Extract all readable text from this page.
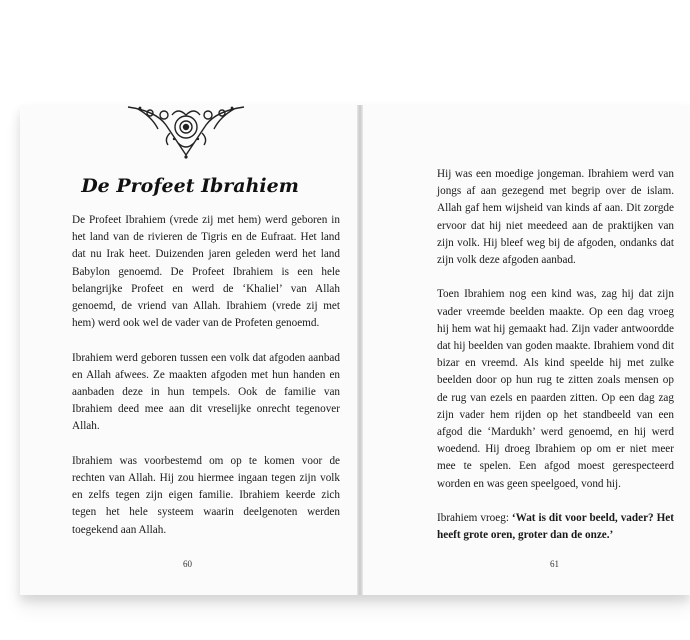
De Profeet Ibrahiem

De Profeet Ibrahiem (vrede zij met hem) werd geboren in het land van de rivieren de Tigris en de Eufraat. Het land dat nu Irak heet. Duizenden jaren geleden werd het land Babylon genoemd. De Profeet Ibrahiem is een hele belangrijke Profeet en werd de ‘Khaliel’ van Allah genoemd, de vriend van Allah. Ibrahiem (vrede zij met hem) werd ook wel de vader van de Profeten genoemd.

Ibrahiem werd geboren tussen een volk dat afgoden aanbad en Allah afwees. Ze maakten afgoden met hun handen en aanbaden deze in hun tempels. Ook de familie van Ibrahiem deed mee aan dit vreselijke onrecht tegenover Allah.

Ibrahiem was voorbestemd om op te komen voor de rechten van Allah. Hij zou hiermee ingaan tegen zijn volk en zelfs tegen zijn eigen familie. Ibrahiem keerde zich tegen het hele systeem waarin deelgenoten werden toegekend aan Allah.

60

Hij was een moedige jongeman. Ibrahiem werd van jongs af aan gezegend met begrip over de islam. Allah gaf hem wijsheid van kinds af aan. Dit zorgde ervoor dat hij niet meedeed aan de praktijken van zijn volk. Hij bleef weg bij de afgoden, ondanks dat zijn volk deze afgoden aanbad.

Toen Ibrahiem nog een kind was, zag hij dat zijn vader vreemde beelden maakte. Op een dag vroeg hij hem wat hij gemaakt had. Zijn vader antwoordde dat hij beelden van goden maakte. Ibrahiem vond dit bizar en vreemd. Als kind speelde hij met zulke beelden door op hun rug te zitten zoals mensen op de rug van ezels en paarden zitten. Op een dag zag zijn vader hem rijden op het standbeeld van een afgod die ‘Mardukh’ werd genoemd, en hij werd woedend. Hij droeg Ibrahiem op om er niet meer mee te spelen. Een afgod moest gerespecteerd worden en was geen speelgoed, vond hij.

Ibrahiem vroeg: ‘Wat is dit voor beeld, vader? Het heeft grote oren, groter dan de onze.’

61
